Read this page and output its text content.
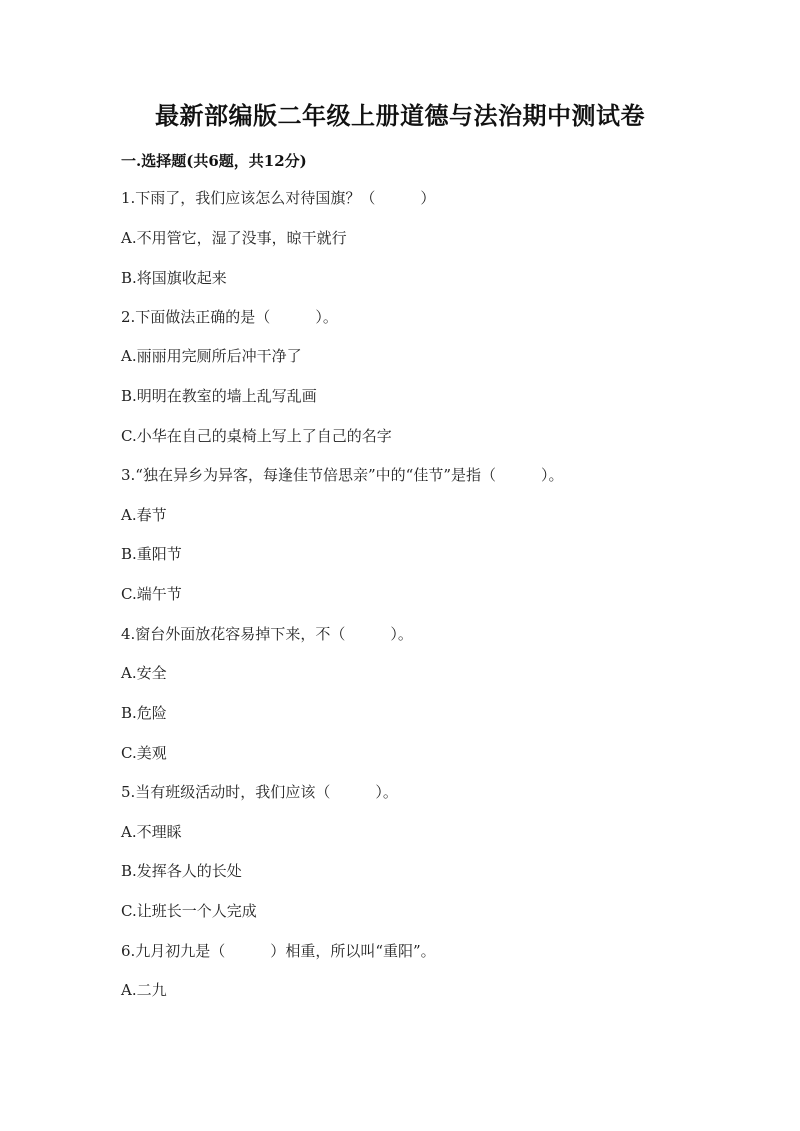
最新部编版二年级上册道德与法治期中测试卷
一.选择题(共6题，共12分)
1.下雨了，我们应该怎么对待国旗？（　　　）
A.不用管它，湿了没事，晾干就行
B.将国旗收起来
2.下面做法正确的是（　　　）。
A.丽丽用完厕所后冲干净了
B.明明在教室的墙上乱写乱画
C.小华在自己的桌椅上写上了自己的名字
3.“独在异乡为异客，每逢佳节倍思亲”中的“佳节”是指（　　　）。
A.春节
B.重阳节
C.端午节
4.窗台外面放花容易掉下来，不（　　　）。
A.安全
B.危险
C.美观
5.当有班级活动时，我们应该（　　　）。
A.不理睬
B.发挥各人的长处
C.让班长一个人完成
6.九月初九是（　　　）相重，所以叫“重阳”。
A.二九
